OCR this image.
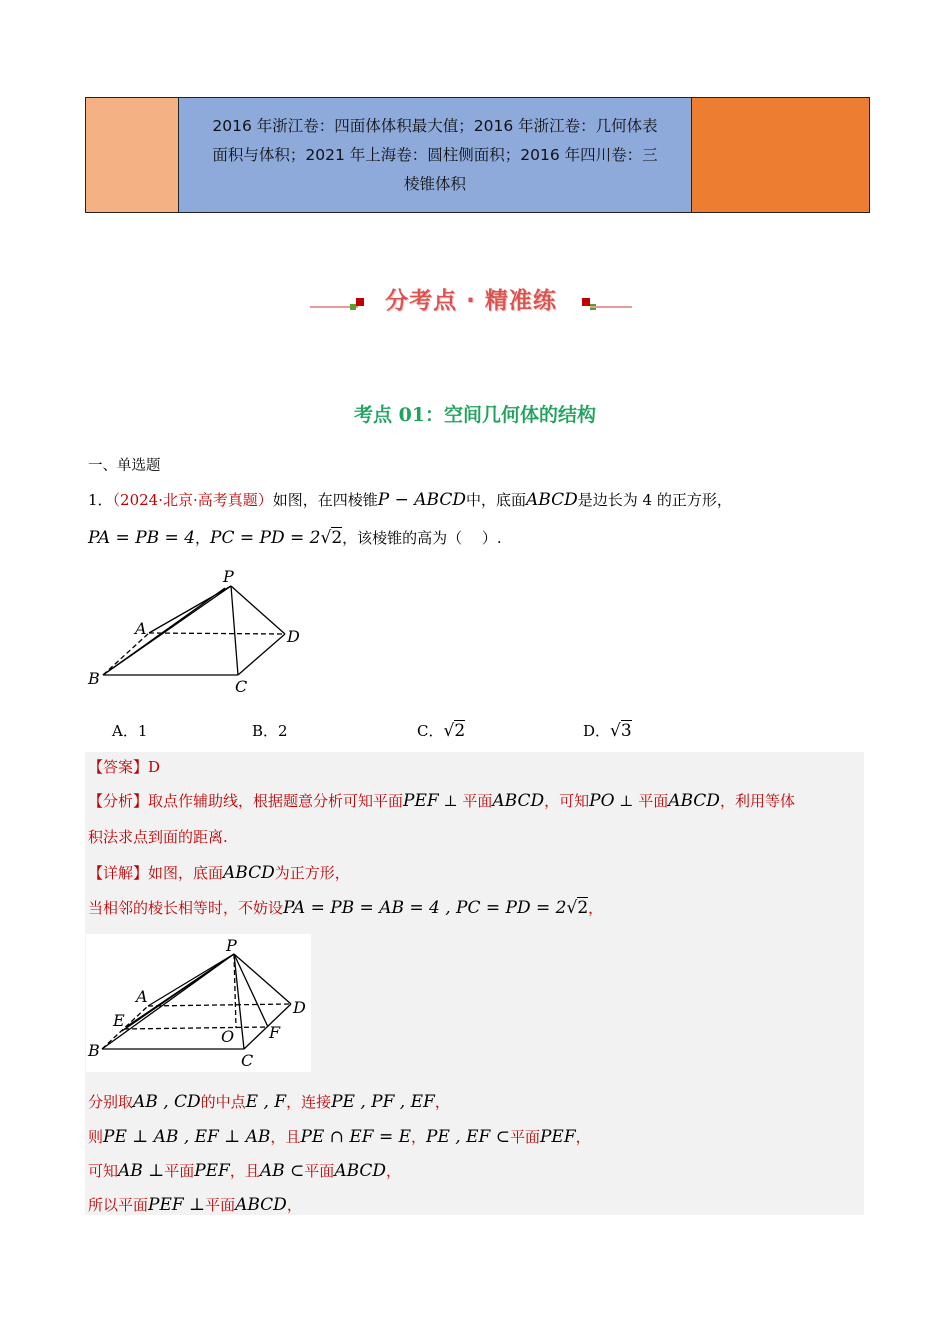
2016 年浙江卷：四面体体积最大值；2016 年浙江卷：几何体表
面积与体积；2021 年上海卷：圆柱侧面积；2016 年四川卷：三
棱锥体积
分考点 · 精准练
考点 01：空间几何体的结构
一、单选题
1．（2024·北京·高考真题）如图，在四棱锥P − ABCD中，底面ABCD是边长为 4 的正方形，
PA = PB = 4，PC = PD = 2√2，该棱锥的高为（　 ）.
P
A
B	C
D
A．1	B．2	C．√2	D．√3
【答案】D
【分析】取点作辅助线，根据题意分析可知平面PEF ⊥ 平面ABCD，可知PO ⊥ 平面ABCD，利用等体
积法求点到面的距离.
【详解】如图，底面ABCD为正方形，
当相邻的棱长相等时，不妨设PA = PB = AB = 4 , PC = PD = 2√2，
P
A
E
B
O
C
F
D
分别取AB , CD的中点E , F，连接PE , PF , EF，
则PE ⊥ AB , EF ⊥ AB，且PE ∩ EF = E，PE , EF ⊂平面PEF，
可知AB ⊥平面PEF，且AB ⊂平面ABCD，
所以平面PEF ⊥平面ABCD，
